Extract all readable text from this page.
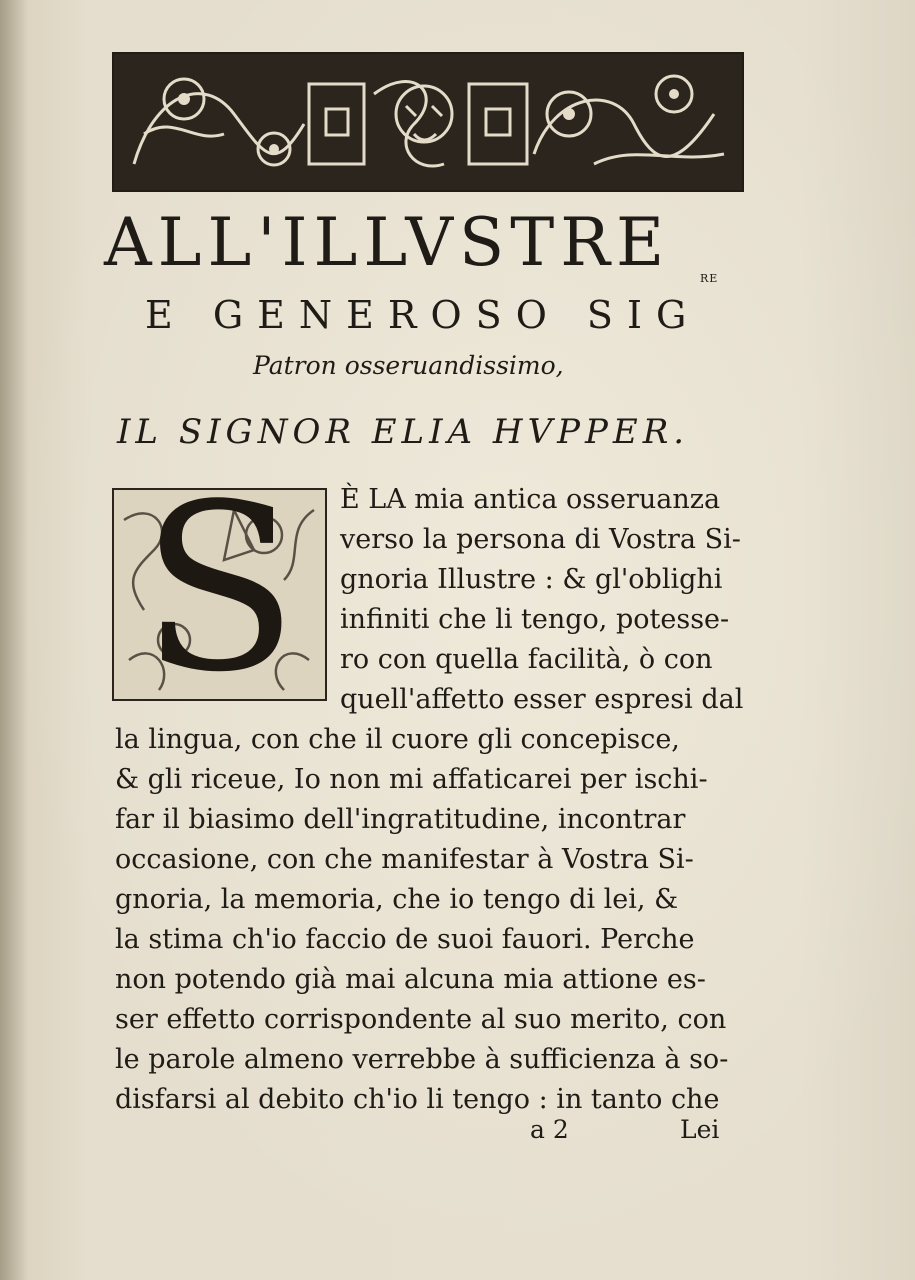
ALL'ILLVSTRE	RE
E GENEROSO SIG
Patron osseruandissimo,
IL SIGNOR ELIA HVPPER.
S	È LA mia antica osseruanza
verso la persona di Vostra Si-
gnoria Illustre : & gl'oblighi
infiniti che li tengo, potesse-
ro con quella facilità, ò con
quell'affetto esser espresi dal
la lingua, con che il cuore gli concepisce,
& gli riceue, Io non mi affaticarei per ischi-
far il biasimo dell'ingratitudine, incontrar
occasione, con che manifestar à Vostra Si-
gnoria, la memoria, che io tengo di lei, &
la stima ch'io faccio de suoi fauori. Perche
non potendo già mai alcuna mia attione es-
ser effetto corrispondente al suo merito, con
le parole almeno verrebbe à sufficienza à so-
disfarsi al debito ch'io li tengo : in tanto che
a 2	Lei
